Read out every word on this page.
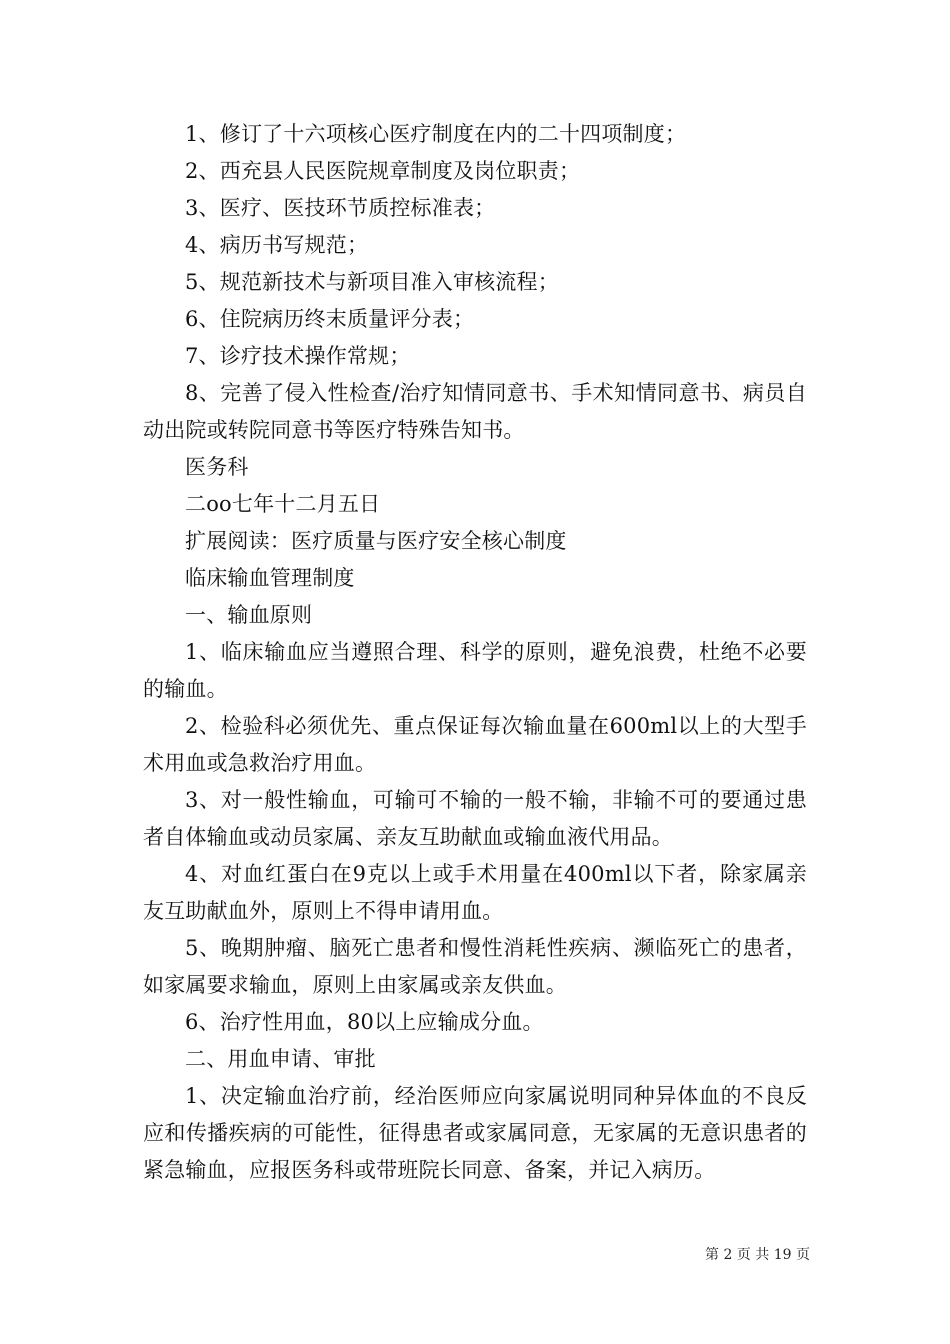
1、修订了十六项核心医疗制度在内的二十四项制度；

2、西充县人民医院规章制度及岗位职责；

3、医疗、医技环节质控标准表；

4、病历书写规范；

5、规范新技术与新项目准入审核流程；

6、住院病历终末质量评分表；

7、诊疗技术操作常规；

8、完善了侵入性检查/治疗知情同意书、手术知情同意书、病员自动出院或转院同意书等医疗特殊告知书。

医务科

二oo七年十二月五日

扩展阅读：医疗质量与医疗安全核心制度

临床输血管理制度

一、输血原则

1、临床输血应当遵照合理、科学的原则，避免浪费，杜绝不必要的输血。

2、检验科必须优先、重点保证每次输血量在600ml以上的大型手术用血或急救治疗用血。

3、对一般性输血，可输可不输的一般不输，非输不可的要通过患者自体输血或动员家属、亲友互助献血或输血液代用品。

4、对血红蛋白在9克以上或手术用量在400ml以下者，除家属亲友互助献血外，原则上不得申请用血。

5、晚期肿瘤、脑死亡患者和慢性消耗性疾病、濒临死亡的患者，如家属要求输血，原则上由家属或亲友供血。

6、治疗性用血，80以上应输成分血。

二、用血申请、审批

1、决定输血治疗前，经治医师应向家属说明同种异体血的不良反应和传播疾病的可能性，征得患者或家属同意，无家属的无意识患者的紧急输血，应报医务科或带班院长同意、备案，并记入病历。

第 2 页 共 19 页
